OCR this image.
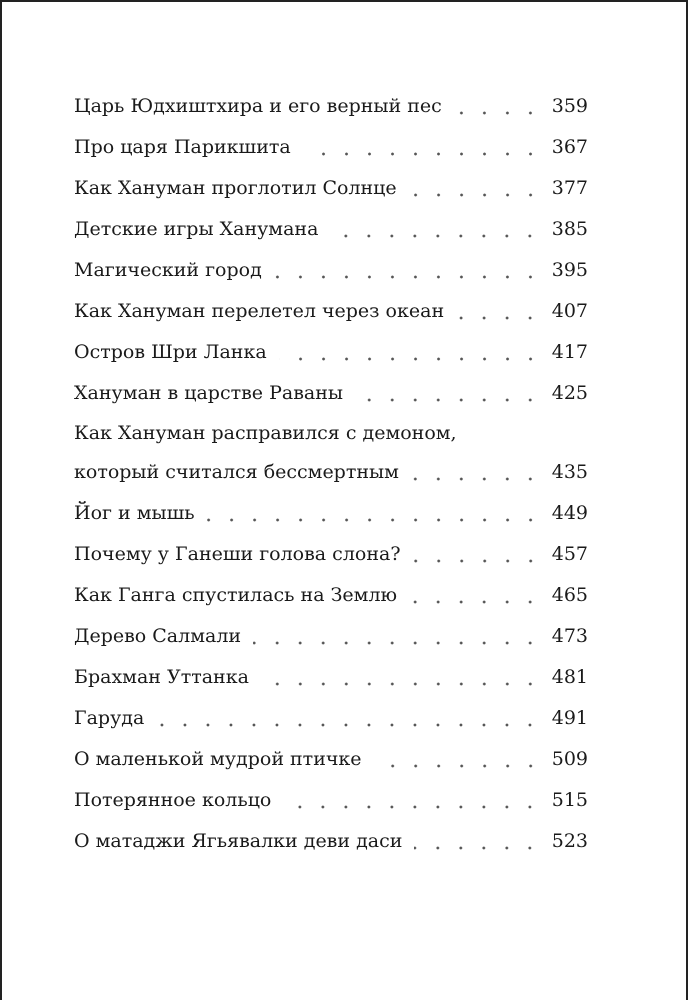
Царь Юдхиштхира и его верный пес	359
Про царя Парикшита	367
Как Хануман проглотил Солнце	377
Детские игры Ханумана	385
Магический город	395
Как Хануман перелетел через океан	407
Остров Шри Ланка	417
Хануман в царстве Раваны	425
Как Хануман расправился с демоном,
который считался бессмертным	435
Йог и мышь	449
Почему у Ганеши голова слона?	457
Как Ганга спустилась на Землю	465
Дерево Салмали	473
Брахман Уттанка	481
Гаруда	491
О маленькой мудрой птичке	509
Потерянное кольцо	515
О матаджи Ягьявалки деви даси	523
